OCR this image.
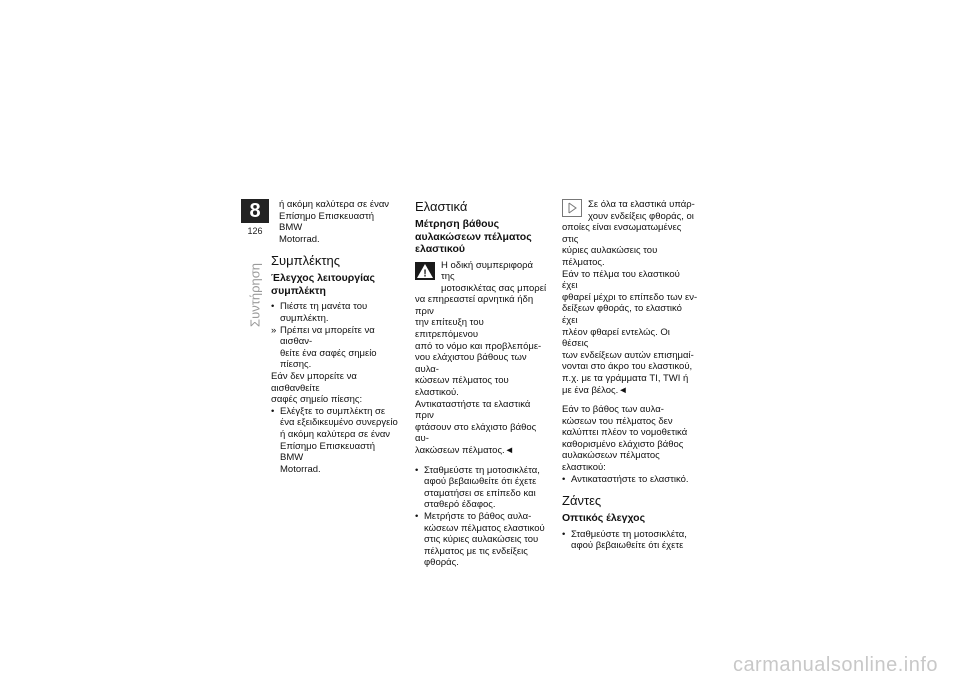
8
126
Συντήρηση
ή ακόμη καλύτερα σε έναν
Επίσημο Επισκευαστή BMW
Motorrad.
Συμπλέκτης
Έλεγχος λειτουργίας
συμπλέκτη
• Πιέστε τη μανέτα του
συμπλέκτη.
» Πρέπει να μπορείτε να αισθαν-
θείτε ένα σαφές σημείο πίεσης.
Εάν δεν μπορείτε να αισθανθείτε
σαφές σημείο πίεσης:
• Ελέγξτε το συμπλέκτη σε
ένα εξειδικευμένο συνεργείο
ή ακόμη καλύτερα σε έναν
Επίσημο Επισκευαστή BMW
Motorrad.
Ελαστικά
Μέτρηση βάθους
αυλακώσεων πέλματος
ελαστικού
!
Η οδική συμπεριφορά της
μοτοσικλέτας σας μπορεί
να επηρεαστεί αρνητικά ήδη πριν
την επίτευξη του επιτρεπόμενου
από το νόμο και προβλεπόμε-
νου ελάχιστου βάθους των αυλα-
κώσεων πέλματος του ελαστικού.
Αντικαταστήστε τα ελαστικά πριν
φτάσουν στο ελάχιστο βάθος αυ-
λακώσεων πέλματος.◄
• Σταθμεύστε τη μοτοσικλέτα,
αφού βεβαιωθείτε ότι έχετε
σταματήσει σε επίπεδο και
σταθερό έδαφος.
• Μετρήστε το βάθος αυλα-
κώσεων πέλματος ελαστικού
στις κύριες αυλακώσεις του
πέλματος με τις ενδείξεις
φθοράς.
Σε όλα τα ελαστικά υπάρ-
χουν ενδείξεις φθοράς, οι
οποίες είναι ενσωματωμένες στις
κύριες αυλακώσεις του πέλματος.
Εάν το πέλμα του ελαστικού έχει
φθαρεί μέχρι το επίπεδο των εν-
δείξεων φθοράς, το ελαστικό έχει
πλέον φθαρεί εντελώς. Οι θέσεις
των ενδείξεων αυτών επισημαί-
νονται στο άκρο του ελαστικού,
π.χ. με τα γράμματα TI, TWI ή
με ένα βέλος.◄
Εάν το βάθος των αυλα-
κώσεων του πέλματος δεν
καλύπτει πλέον το νομοθετικά
καθορισμένο ελάχιστο βάθος
αυλακώσεων πέλματος
ελαστικού:
• Αντικαταστήστε το ελαστικό.
Ζάντες
Οπτικός έλεγχος
• Σταθμεύστε τη μοτοσικλέτα,
αφού βεβαιωθείτε ότι έχετε
carmanualsonline.info
